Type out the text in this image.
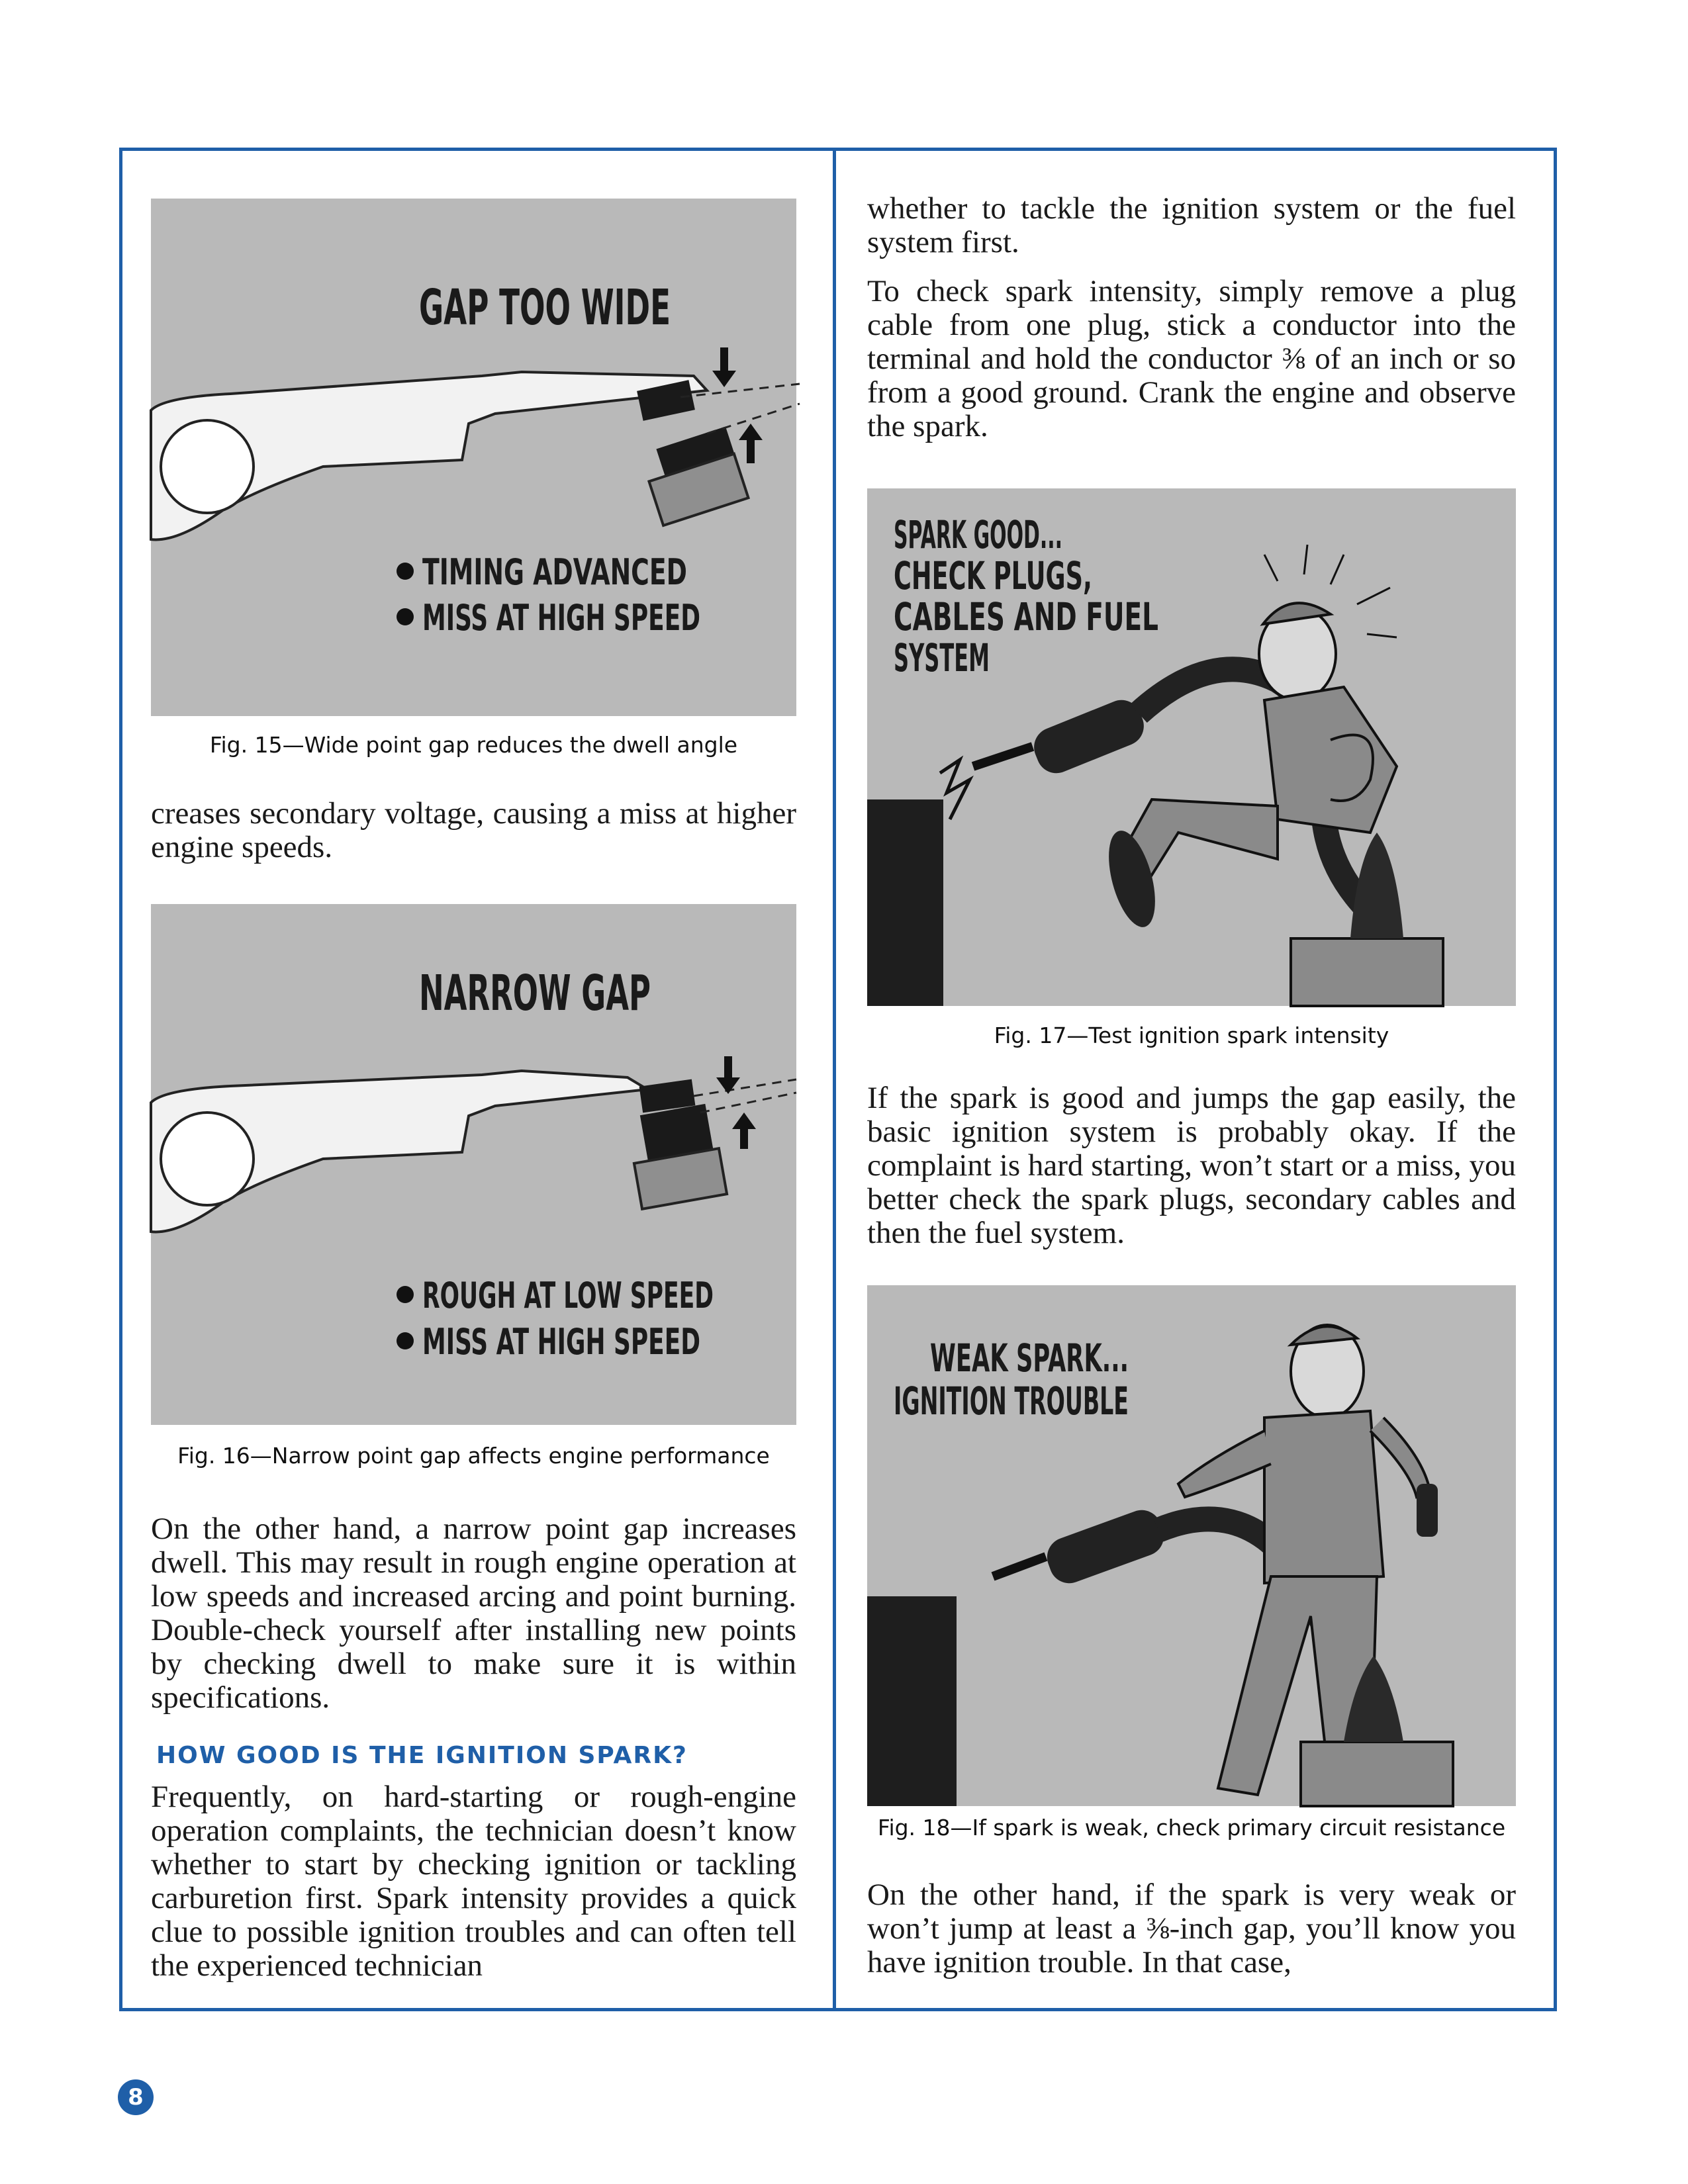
GAP TOO WIDE
TIMING ADVANCED
MISS AT HIGH SPEED

Fig. 15—Wide point gap reduces the dwell angle

creases secondary voltage, causing a miss at higher engine speeds.

NARROW GAP
ROUGH AT LOW SPEED
MISS AT HIGH SPEED

Fig. 16—Narrow point gap affects engine performance

On the other hand, a narrow point gap increases dwell. This may result in rough engine operation at low speeds and increased arcing and point burning. Double-check yourself after installing new points by checking dwell to make sure it is within specifications.

HOW GOOD IS THE IGNITION SPARK?

Frequently, on hard-starting or rough-engine operation complaints, the technician doesn’t know whether to start by checking ignition or tackling carburetion first. Spark intensity provides a quick clue to possible ignition troubles and can often tell the experienced technician

whether to tackle the ignition system or the fuel system first.

To check spark intensity, simply remove a plug cable from one plug, stick a conductor into the terminal and hold the conductor ⅜ of an inch or so from a good ground. Crank the engine and observe the spark.

SPARK GOOD...
CHECK PLUGS,
CABLES AND FUEL
SYSTEM

Fig. 17—Test ignition spark intensity

If the spark is good and jumps the gap easily, the basic ignition system is probably okay. If the complaint is hard starting, won’t start or a miss, you better check the spark plugs, secondary cables and then the fuel system.

WEAK SPARK...
IGNITION TROUBLE

Fig. 18—If spark is weak, check primary circuit resistance

On the other hand, if the spark is very weak or won’t jump at least a ⅜-inch gap, you’ll know you have ignition trouble. In that case,

8
